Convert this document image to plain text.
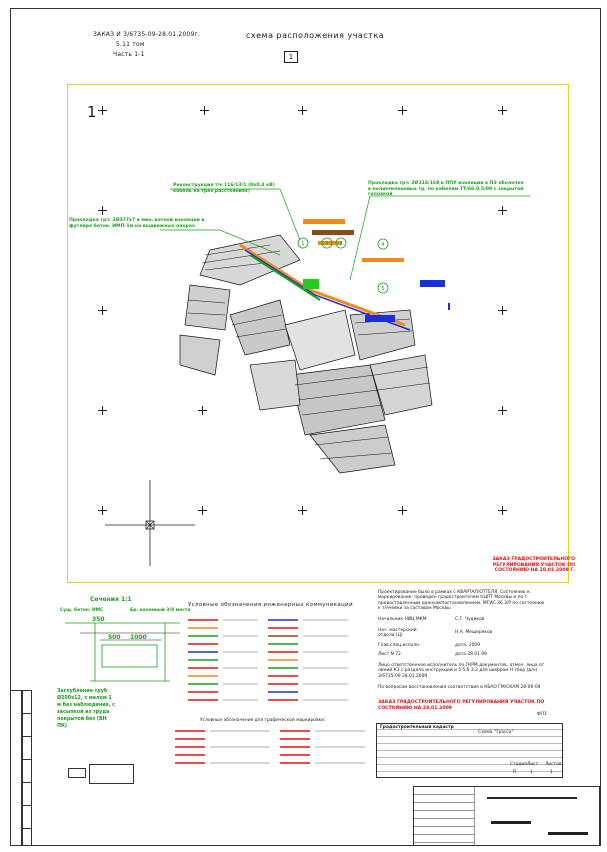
ЗАКАЗ И 3/6735-09-28.01.2009г.
5.11 том
Часть 1-1
схема расположения участка
1
1
1	2 3	4
5
Реконструкция т/к 116/13/1 (8х0.4 кВ) кабель на трех расстояниях)
Прокладка тр/с 2Ø114/168 в ППУ изоляции в ПЭ оболочке в полиэтиленовых тр. по кабелям ТТ/66.0,5/09 с закрытой головкой
Прокладка тр/с 2Ø377х7 в мин. ватной изоляции в футляре бетон. ИМП-1м на выдвижных опорах
ЗАКАЗ ГРАДОСТРОИТЕЛЬНОГО РЕГУЛИРОВАНИЯ УЧАСТОК ПО СОСТОЯНИЮ НА 28.01.2009 Г.
Сечения 1:1
Сущ. бетон. ИМС	Бр. наземный 3/8 места
350
500 1000
Заглубление труб Ø200х12, с малом 1 м без наблюдения, с засыпкой из труда покрытой без (ВН ПК)
Условные обозначения инженерных коммуникаций
Условные обозначения для графической маркировки:
Проектирование было в рамках с КВАРТАЛ/ОТТЕЛЯ. Состоянию к. маркирование: проведен градостроителем НЦПТ Москвы и по т. предоставленным данным/постановлением. МГИС 36.3/Р по состоянию к т/ячейки за составом Москвы
Начальник НИЦ МКМ	С.Г. Чудиков
Нач. мастерский отдела (Ц)
Н.А. Мещеряков
Глав.спец.исполн.	дата: 2009
Лист N 72	дата 28.01.09
Лицо ответственное исполнитель по ГКРМ документов, отмеч. лица от линий К3 с раздела инструкций и 5.5.6.3.2 для шифром Н сбор (д/н) 3/6735-09 28.01.2009
По вопросам восстановления соответствия в КБАО ГМ/СКАМ 28-06-09
ЗАКАЗ ГРАДОСТРОИТЕЛЬНОГО РЕГУЛИРОВАНИЯ УЧАСТОК ПО СОСТОЯНИЮ НА 28.01.2009
ФЛ1
Градостроительный кадастр
Схема "Трасса"
Стадия Лист Листов
П	1	1
